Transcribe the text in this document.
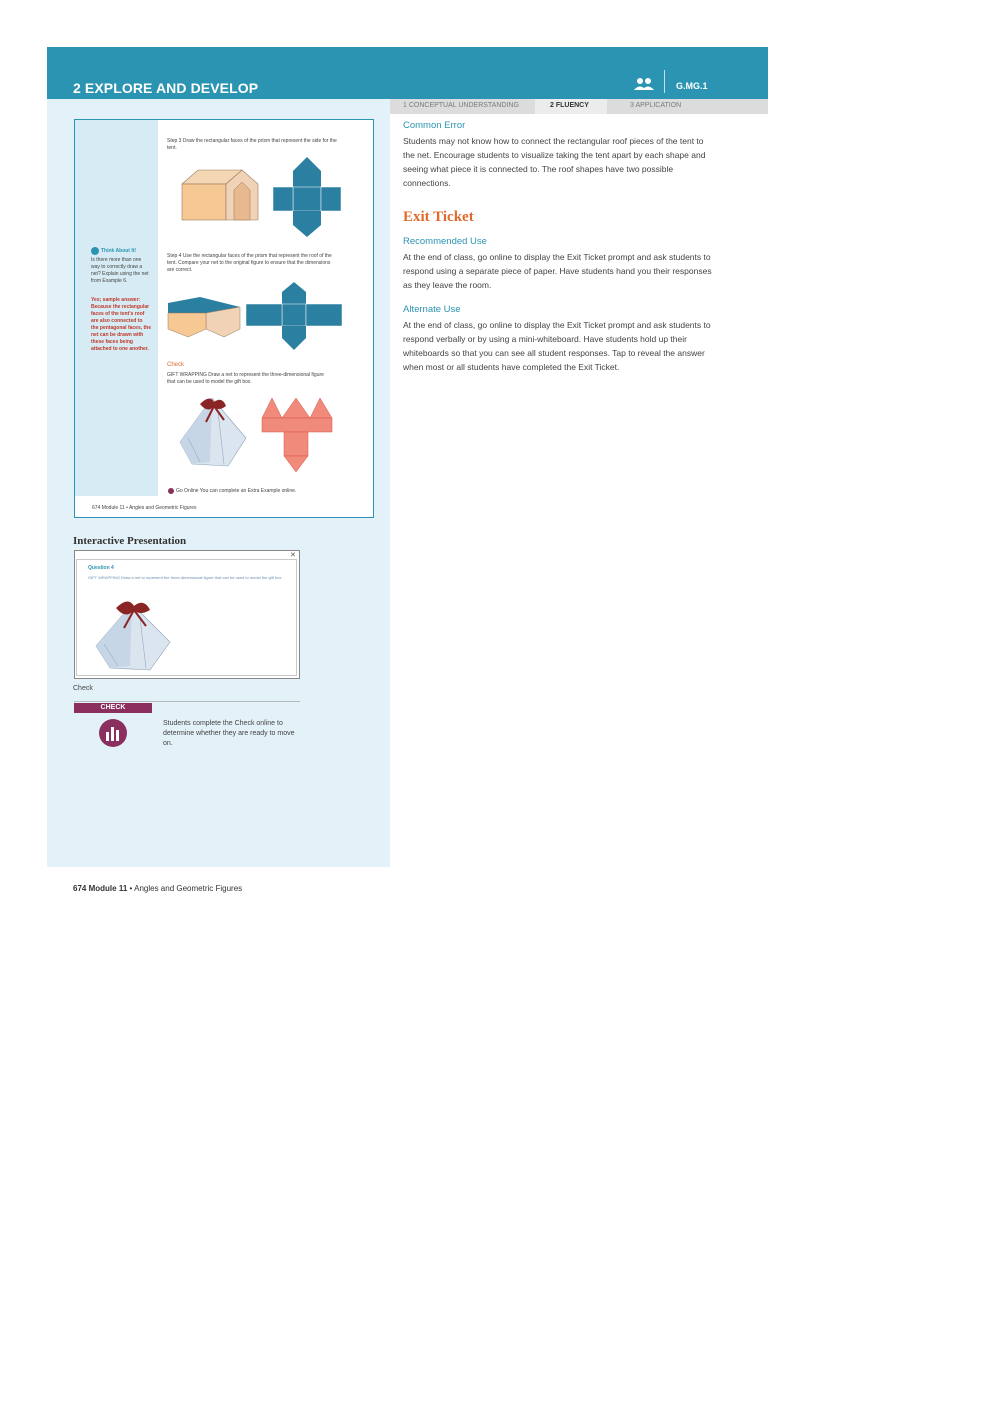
2 EXPLORE AND DEVELOP	G.MG.1
1 CONCEPTUAL UNDERSTANDING	2 FLUENCY	3 APPLICATION
Step 3 Draw the rectangular faces of the prism that represent the side for the tent.
Think About It!
Is there more than one way to correctly draw a net? Explain using the net from Example 6.
Yes; sample answer: Because the rectangular faces of the tent's roof are also connected to the pentagonal faces, the net can be drawn with these faces being attached to one another.
Step 4 Use the rectangular faces of the prism that represent the roof of the tent. Compare your net to the original figure to ensure that the dimensions are correct.
Check
GIFT WRAPPING Draw a net to represent the three-dimensional figure that can be used to model the gift box.
Go Online You can complete an Extra Example online.
674 Module 11 • Angles and Geometric Figures
Interactive Presentation
✕
Question 4
GIFT WRAPPING Draw a net to represent the three-dimensional figure that can be used to model the gift box.
Check
CHECK
Students complete the Check online to determine whether they are ready to move on.
674 Module 11 • Angles and Geometric Figures
Common Error
Students may not know how to connect the rectangular roof pieces of the tent to the net. Encourage students to visualize taking the tent apart by each shape and seeing what piece it is connected to. The roof shapes have two possible connections.
Exit Ticket
Recommended Use
At the end of class, go online to display the Exit Ticket prompt and ask students to respond using a separate piece of paper. Have students hand you their responses as they leave the room.
Alternate Use
At the end of class, go online to display the Exit Ticket prompt and ask students to respond verbally or by using a mini-whiteboard. Have students hold up their whiteboards so that you can see all student responses. Tap to reveal the answer when most or all students have completed the Exit Ticket.
